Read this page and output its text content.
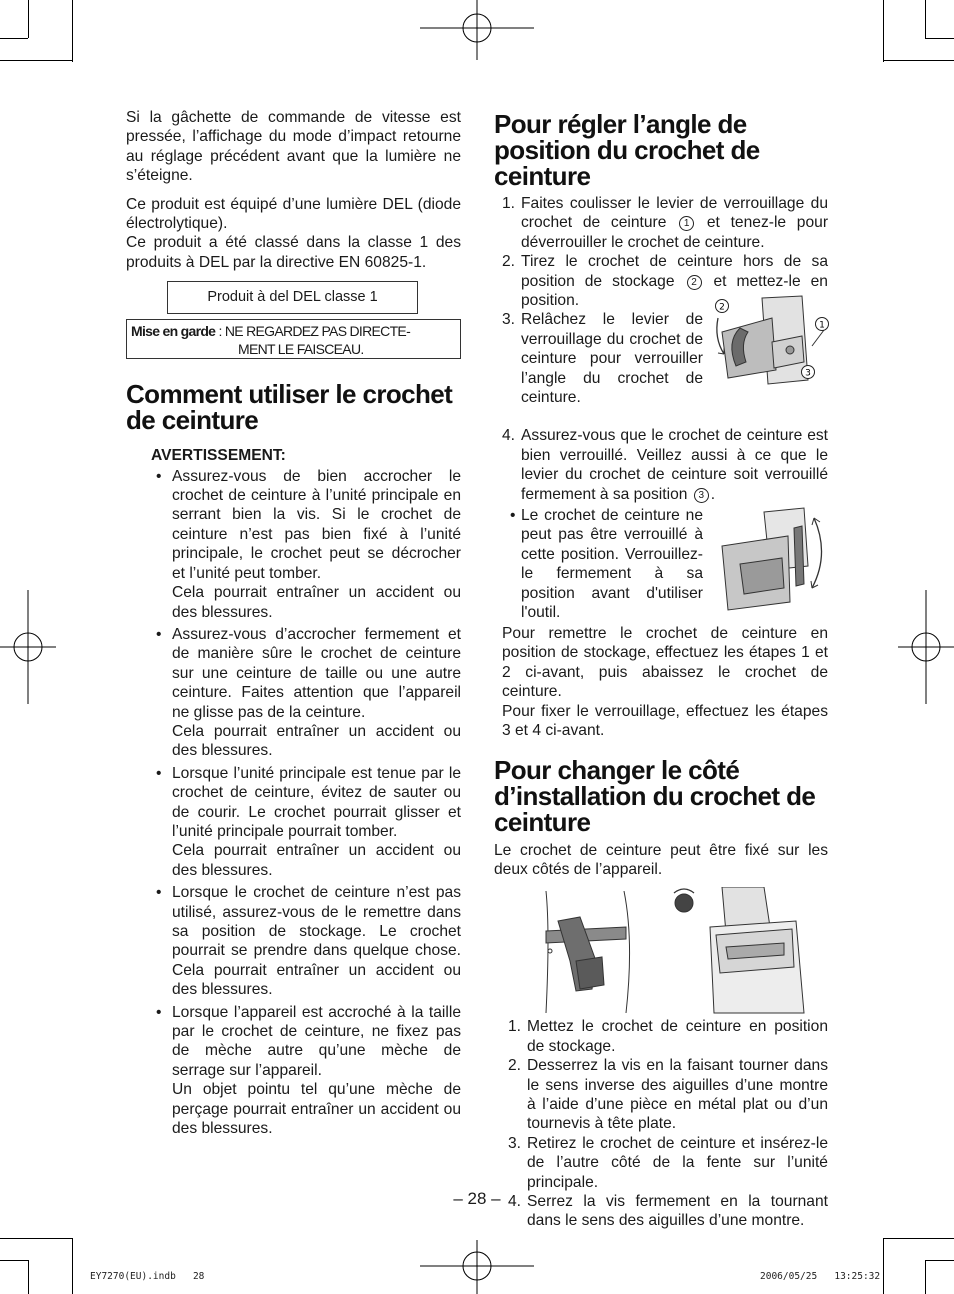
Si la gâchette de commande de vitesse est pressée, l’affichage du mode d’impact retourne au réglage précédent avant que la lumière ne s’éteigne.

Ce produit est équipé d’une lumière DEL (diode électrolytique).

Ce produit a été classé dans la classe 1 des produits à DEL par la directive EN 60825-1.

Produit à del DEL classe 1
Mise en garde : NE REGARDEZ PAS DIRECTE-
MENT LE FAISCEAU.
Comment utiliser le crochet de ceinture
AVERTISSEMENT:
• Assurez-vous de bien accrocher le crochet de ceinture à l’unité principale en serrant bien la vis. Si le crochet de ceinture n’est pas bien fixé à l’unité principale, le crochet peut se décrocher et l’unité peut tomber.

Cela pourrait entraîner un accident ou des blessures.

• Assurez-vous d’accrocher fermement et de manière sûre le crochet de ceinture sur une ceinture de taille ou une autre ceinture. Faites attention que l’appareil ne glisse pas de la ceinture.

Cela pourrait entraîner un accident ou des blessures.

• Lorsque l’unité principale est tenue par le crochet de ceinture, évitez de sauter ou de courir. Le crochet pourrait glisser et l’unité principale pourrait tomber.

Cela pourrait entraîner un accident ou des blessures.

• Lorsque le crochet de ceinture n’est pas utilisé, assurez-vous de le remettre dans sa position de stockage. Le crochet pourrait se prendre dans quelque chose. Cela pourrait entraîner un accident ou des blessures.

• Lorsque l’appareil est accroché à la taille par le crochet de ceinture, ne fixez pas de mèche autre qu’une mèche de serrage sur l’appareil.

Un objet pointu tel qu’une mèche de perçage pourrait entraîner un accident ou des blessures.

Pour régler l’angle de position du crochet de ceinture
1. Faites coulisser le levier de verrouillage du crochet de ceinture 1 et tenez-le pour déverrouiller le crochet de ceinture.

2. Tirez le crochet de ceinture hors de sa position de stockage 2 et mettez-le en position.

3. Relâchez le levier de verrouillage du crochet de ceinture pour verrouiller l’angle du crochet de ceinture.

2
1
3
4. Assurez-vous que le crochet de ceinture est bien verrouillé. Veillez aussi à ce que le levier du crochet de ceinture soit verrouillé fermement à sa position 3 .

• Le crochet de ceinture ne peut pas être verrouillé à cette position. Verrouillez-le fermement à sa position avant d'utiliser l'outil.

Pour remettre le crochet de ceinture en position de stockage, effectuez les étapes 1 et 2 ci-avant, puis abaissez le crochet de ceinture.

Pour fixer le verrouillage, effectuez les étapes 3 et 4 ci-avant.

Pour changer le côté d’installation du crochet de ceinture

Le crochet de ceinture peut être fixé sur les deux côtés de l’appareil.

1. Mettez le crochet de ceinture en position de stockage.

2. Desserrez la vis en la faisant tourner dans le sens inverse des aiguilles d’une montre à l’aide d’une pièce en métal plat ou d’un tournevis à tête plate.

3. Retirez le crochet de ceinture et insérez-le de l’autre côté de la fente sur l’unité principale.

4. Serrez la vis fermement en la tournant dans le sens des aiguilles d’une montre.

– 28 –
EY7270(EU).indb   28	2006/05/25   13:25:32
